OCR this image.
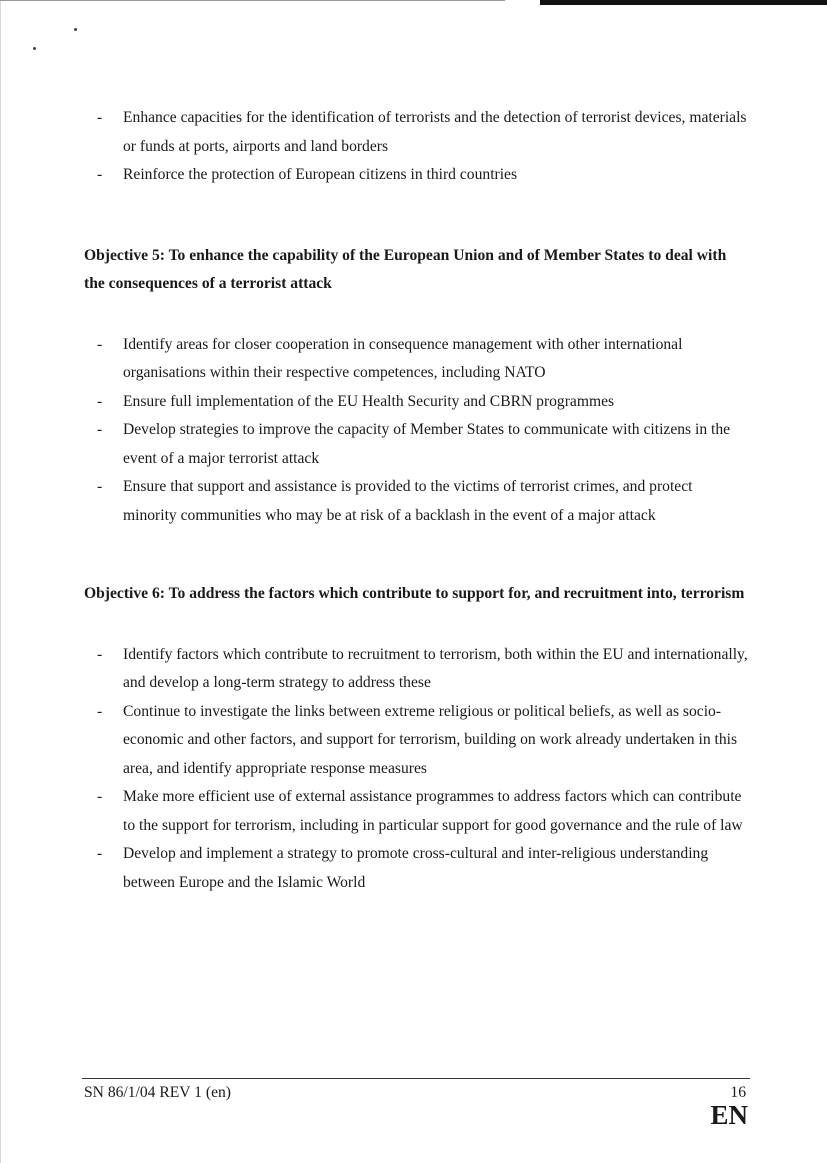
- Enhance capacities for the identification of terrorists and the detection of terrorist devices, materials or funds at ports, airports and land borders
- Reinforce the protection of European citizens in third countries

Objective 5: To enhance the capability of the European Union and of Member States to deal with the consequences of a terrorist attack

- Identify areas for closer cooperation in consequence management with other international organisations within their respective competences, including NATO
- Ensure full implementation of the EU Health Security and CBRN programmes
- Develop strategies to improve the capacity of Member States to communicate with citizens in the event of a major terrorist attack
- Ensure that support and assistance is provided to the victims of terrorist crimes, and protect minority communities who may be at risk of a backlash in the event of a major attack

Objective 6: To address the factors which contribute to support for, and recruitment into, terrorism

- Identify factors which contribute to recruitment to terrorism, both within the EU and internationally, and develop a long-term strategy to address these
- Continue to investigate the links between extreme religious or political beliefs, as well as socio-economic and other factors, and support for terrorism, building on work already undertaken in this area, and identify appropriate response measures
- Make more efficient use of external assistance programmes to address factors which can contribute to the support for terrorism, including in particular support for good governance and the rule of law
- Develop and implement a strategy to promote cross-cultural and inter-religious understanding between Europe and the Islamic World
SN 86/1/04 REV 1 (en)	16
EN
